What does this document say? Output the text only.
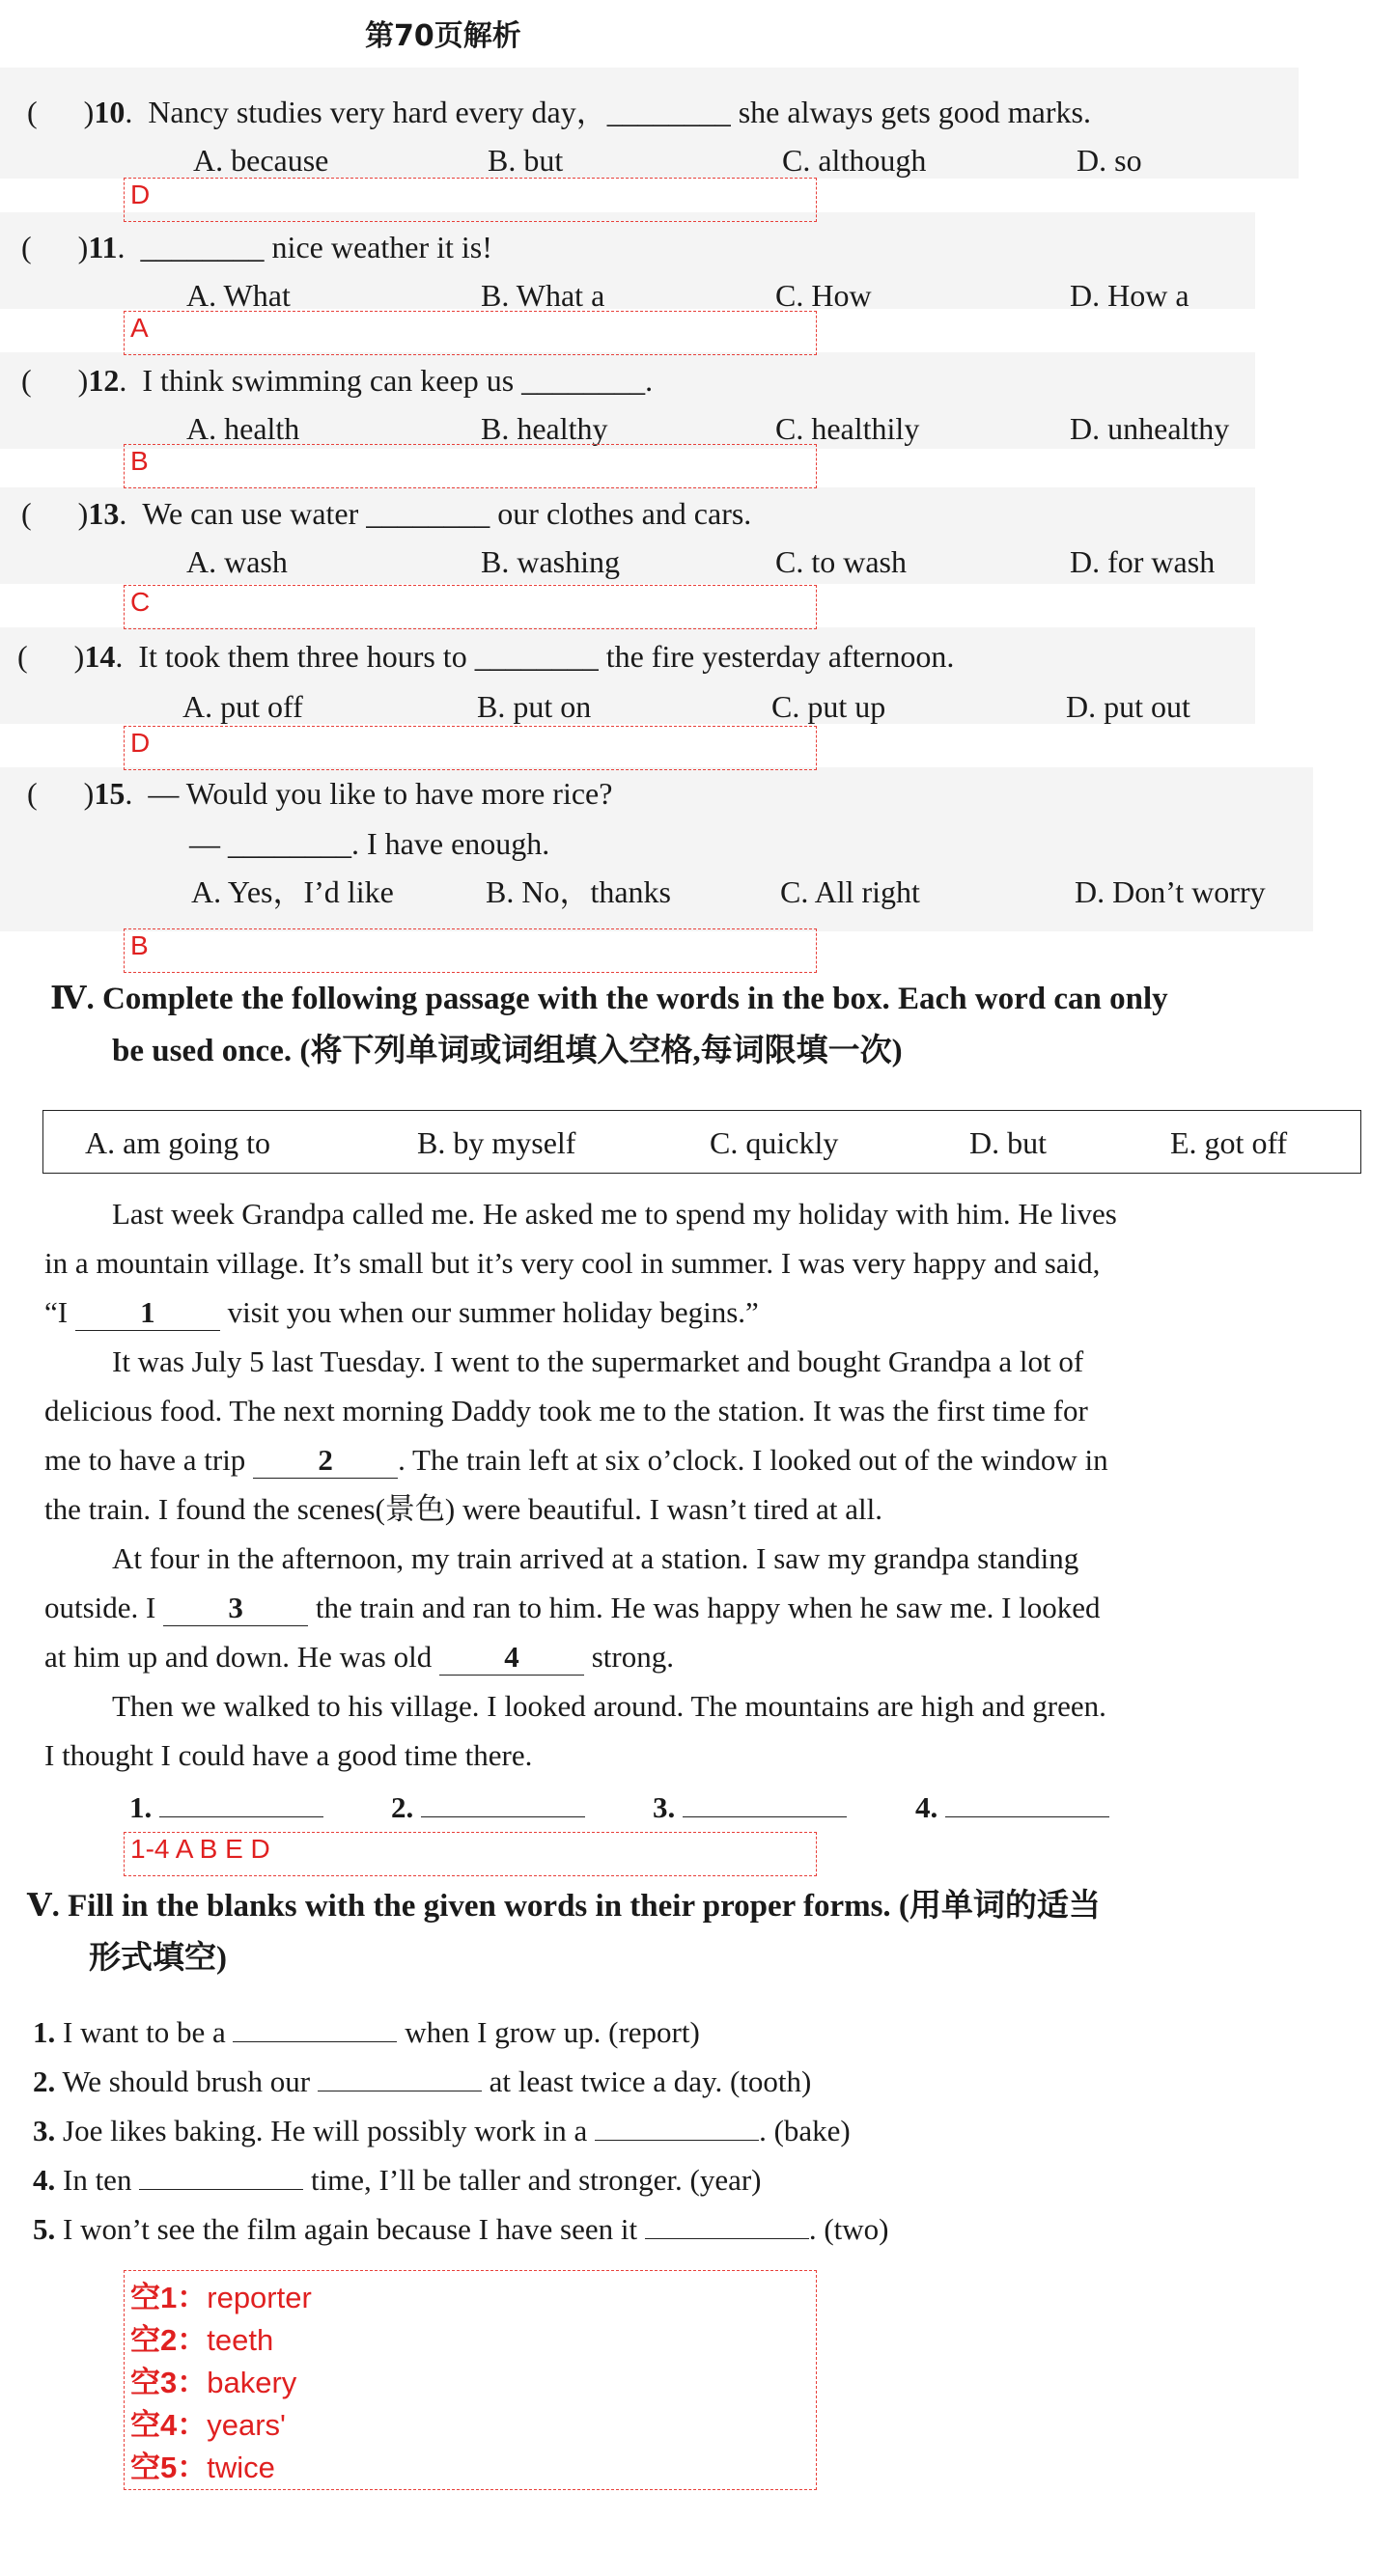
第70页解析
(      )10.  Nancy studies very hard every day，________ she always gets good marks.
A. because	B. but	C. although	D. so
D
(      )11.  ________ nice weather it is!
A. What	B. What a	C. How	D. How a
A
(      )12.  I think swimming can keep us ________.
A. health	B. healthy	C. healthily	D. unhealthy
B
(      )13.  We can use water ________ our clothes and cars.
A. wash	B. washing	C. to wash	D. for wash
C
(      )14.  It took them three hours to ________ the fire yesterday afternoon.
A. put off	B. put on	C. put up	D. put out
D
(      )15.  — Would you like to have more rice?
— ________. I have enough.
A. Yes，I’d like	B. No，thanks	C. All right	D. Don’t worry
B
Ⅳ. Complete the following passage with the words in the box. Each word can only
be used once. (将下列单词或词组填入空格,每词限填一次)
A. am going to	B. by myself	C. quickly	D. but	E. got off
Last week Grandpa called me. He asked me to spend my holiday with him. He lives
in a mountain village. It’s small but it’s very cool in summer. I was very happy and said,
“I 1 visit you when our summer holiday begins.”
It was July 5 last Tuesday. I went to the supermarket and bought Grandpa a lot of
delicious food. The next morning Daddy took me to the station. It was the first time for
me to have a trip 2 . The train left at six o’clock. I looked out of the window in
the train. I found the scenes(景色) were beautiful. I wasn’t tired at all.
At four in the afternoon, my train arrived at a station. I saw my grandpa standing
outside. I 3 the train and ran to him. He was happy when he saw me. I looked
at him up and down. He was old 4 strong.
Then we walked to his village. I looked around. The mountains are high and green.
I thought I could have a good time there.
1.	2.	3.	4.
1-4 A B E D
Ⅴ. Fill in the blanks with the given words in their proper forms. (用单词的适当
形式填空)
1. I want to be a	when I grow up. (report)
2. We should brush our	at least twice a day. (tooth)
3. Joe likes baking. He will possibly work in a	. (bake)
4. In ten	time, I’ll be taller and stronger. (year)
5. I won’t see the film again because I have seen it	. (two)
空1：reporter
空2：teeth
空3：bakery
空4：years'
空5：twice
